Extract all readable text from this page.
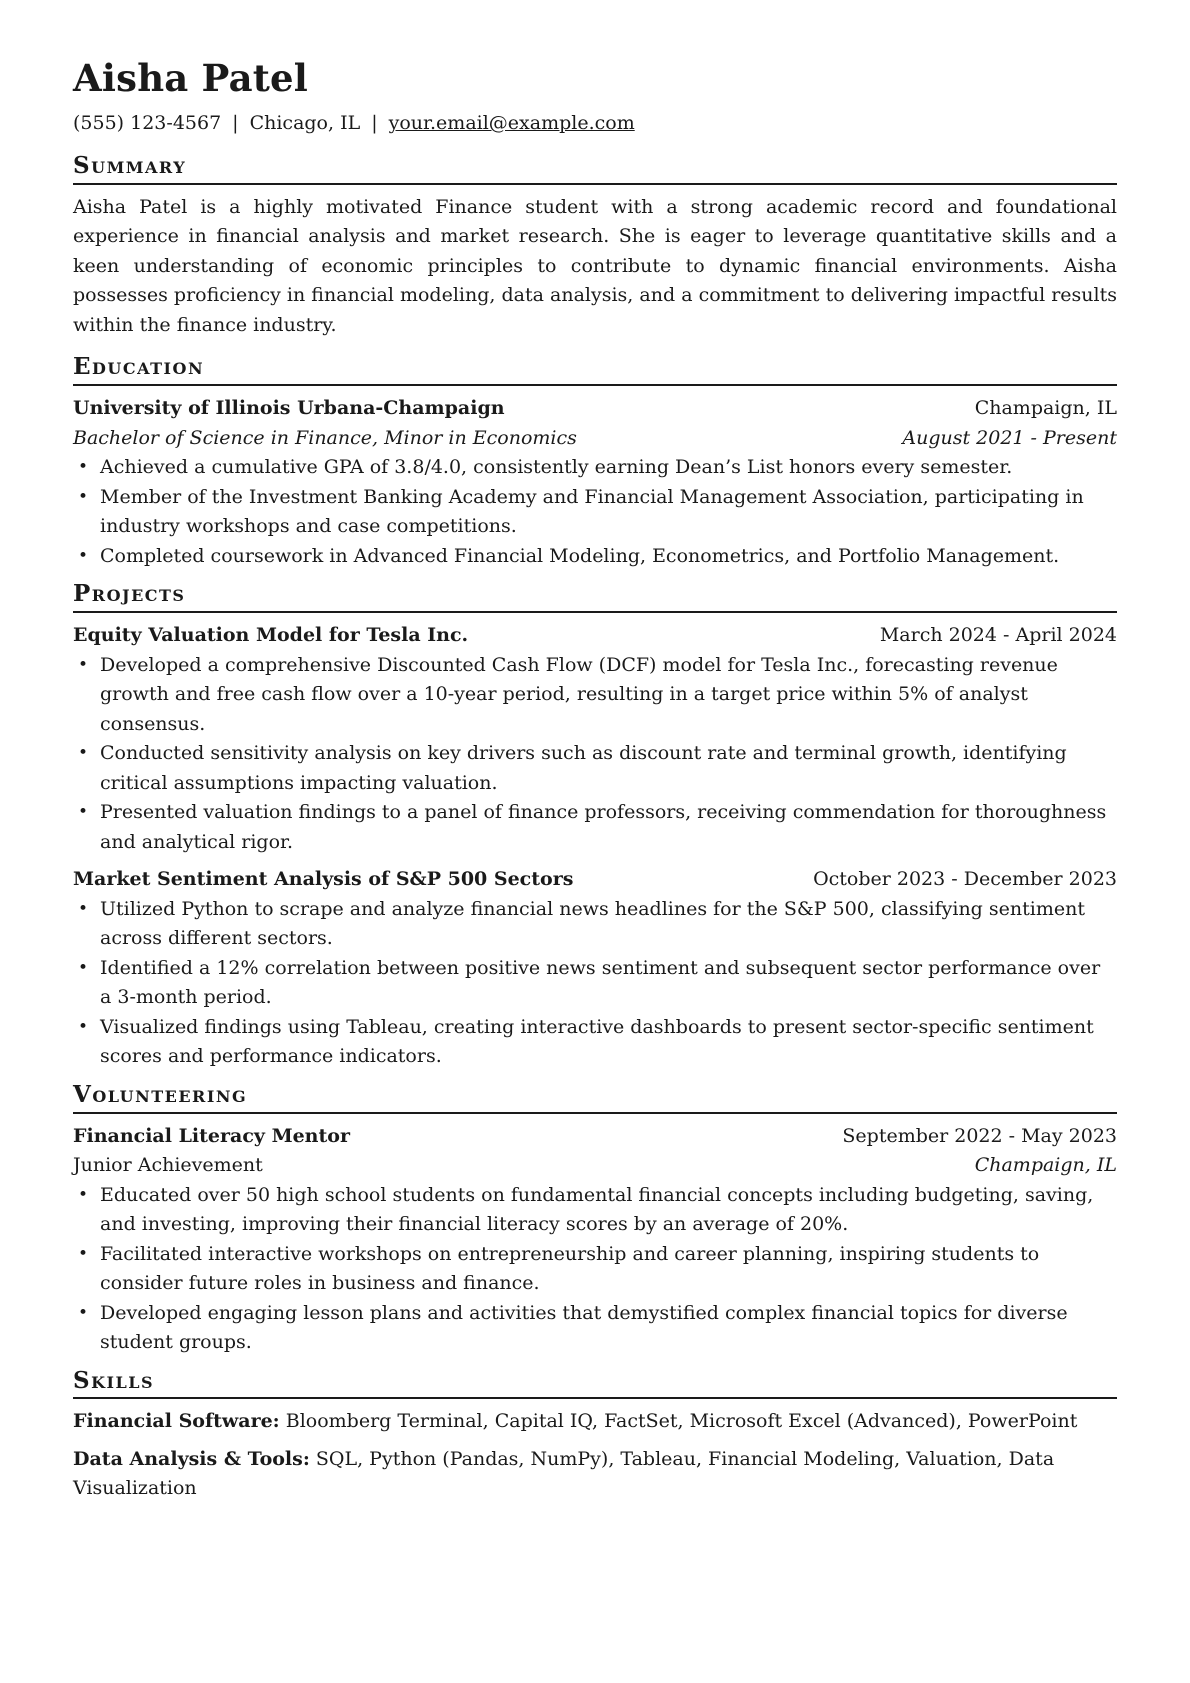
Aisha Patel
(555) 123-4567 | Chicago, IL | your.email@example.com
Summary

Aisha Patel is a highly motivated Finance student with a strong academic record and foundational experience in financial analysis and market research. She is eager to leverage quantitative skills and a keen understanding of economic principles to contribute to dynamic financial environments. Aisha possesses proficiency in financial modeling, data analysis, and a commitment to delivering impactful results within the finance industry.

Education
University of Illinois Urbana-Champaign	Champaign, IL
Bachelor of Science in Finance, Minor in Economics	August 2021 - Present
• Achieved a cumulative GPA of 3.8/4.0, consistently earning Dean’s List honors every semester.
• Member of the Investment Banking Academy and Financial Management Association, participating in industry workshops and case competitions.
• Completed coursework in Advanced Financial Modeling, Econometrics, and Portfolio Management.
Projects
Equity Valuation Model for Tesla Inc.	March 2024 - April 2024
• Developed a comprehensive Discounted Cash Flow (DCF) model for Tesla Inc., forecasting revenue growth and free cash flow over a 10-year period, resulting in a target price within 5% of analyst consensus.
• Conducted sensitivity analysis on key drivers such as discount rate and terminal growth, identifying critical assumptions impacting valuation.
• Presented valuation findings to a panel of finance professors, receiving commendation for thoroughness and analytical rigor.
Market Sentiment Analysis of S&P 500 Sectors	October 2023 - December 2023
• Utilized Python to scrape and analyze financial news headlines for the S&P 500, classifying sentiment across different sectors.
• Identified a 12% correlation between positive news sentiment and subsequent sector performance over a 3-month period.
• Visualized findings using Tableau, creating interactive dashboards to present sector-specific sentiment scores and performance indicators.
Volunteering
Financial Literacy Mentor	September 2022 - May 2023
Junior Achievement	Champaign, IL
• Educated over 50 high school students on fundamental financial concepts including budgeting, saving, and investing, improving their financial literacy scores by an average of 20%.
• Facilitated interactive workshops on entrepreneurship and career planning, inspiring students to consider future roles in business and finance.
• Developed engaging lesson plans and activities that demystified complex financial topics for diverse student groups.
Skills

Financial Software: Bloomberg Terminal, Capital IQ, FactSet, Microsoft Excel (Advanced), PowerPoint

Data Analysis & Tools: SQL, Python (Pandas, NumPy), Tableau, Financial Modeling, Valuation, Data Visualization
